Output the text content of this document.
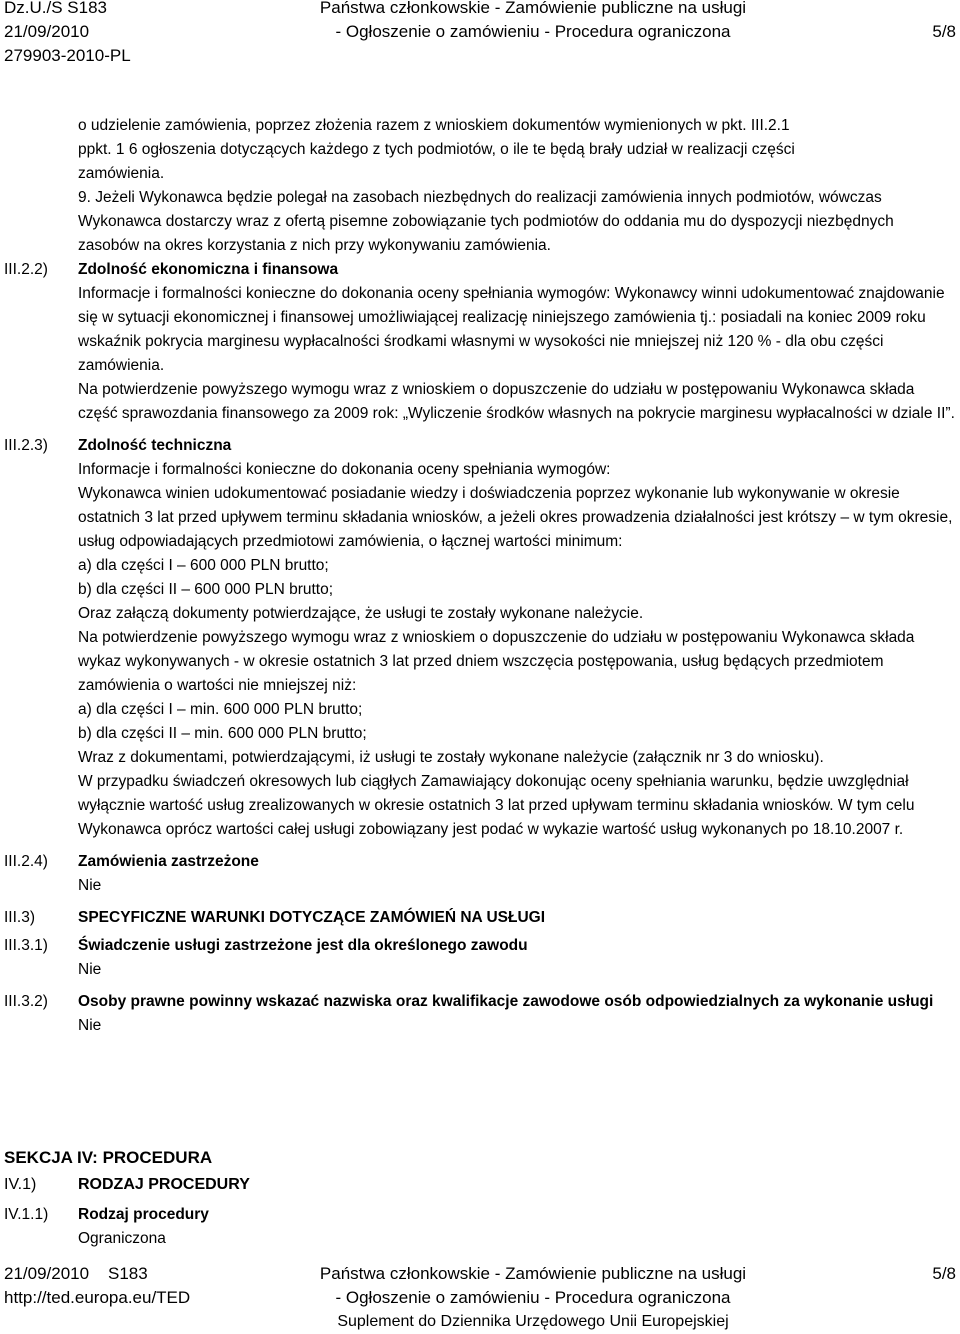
Dz.U./S S183
21/09/2010
279903-2010-PL
Państwa członkowskie - Zamówienie publiczne na usługi
- Ogłoszenie o zamówieniu - Procedura ograniczona	5/8

o udzielenie zamówienia, poprzez złożenia razem z wnioskiem dokumentów wymienionych w pkt. III.2.1

ppkt. 1 6 ogłoszenia dotyczących każdego z tych podmiotów, o ile te będą brały udział w realizacji części

zamówienia.

9. Jeżeli Wykonawca będzie polegał na zasobach niezbędnych do realizacji zamówienia innych podmiotów, wówczas Wykonawca dostarczy wraz z ofertą pisemne zobowiązanie tych podmiotów do oddania mu do dyspozycji niezbędnych zasobów na okres korzystania z nich przy wykonywaniu zamówienia.

III.2.2) Zdolność ekonomiczna i finansowa

Informacje i formalności konieczne do dokonania oceny spełniania wymogów: Wykonawcy winni udokumentować znajdowanie się w sytuacji ekonomicznej i finansowej umożliwiającej realizację niniejszego zamówienia tj.: posiadali na koniec 2009 roku wskaźnik pokrycia marginesu wypłacalności środkami własnymi w wysokości nie mniejszej niż 120 % - dla obu części zamówienia.

Na potwierdzenie powyższego wymogu wraz z wnioskiem o dopuszczenie do udziału w postępowaniu Wykonawca składa część sprawozdania finansowego za 2009 rok: „Wyliczenie środków własnych na pokrycie marginesu wypłacalności w dziale II”.

III.2.3) Zdolność techniczna

Informacje i formalności konieczne do dokonania oceny spełniania wymogów:

Wykonawca winien udokumentować posiadanie wiedzy i doświadczenia poprzez wykonanie lub wykonywanie w okresie ostatnich 3 lat przed upływem terminu składania wniosków, a jeżeli okres prowadzenia działalności jest krótszy – w tym okresie, usług odpowiadających przedmiotowi zamówienia, o łącznej wartości minimum:

a) dla części I – 600 000 PLN brutto;

b) dla części II – 600 000 PLN brutto;

Oraz załączą dokumenty potwierdzające, że usługi te zostały wykonane należycie.

Na potwierdzenie powyższego wymogu wraz z wnioskiem o dopuszczenie do udziału w postępowaniu Wykonawca składa wykaz wykonywanych - w okresie ostatnich 3 lat przed dniem wszczęcia postępowania, usług będących przedmiotem zamówienia o wartości nie mniejszej niż:

a) dla części I – min. 600 000 PLN brutto;

b) dla części II – min. 600 000 PLN brutto;

Wraz z dokumentami, potwierdzającymi, iż usługi te zostały wykonane należycie (załącznik nr 3 do wniosku).

W przypadku świadczeń okresowych lub ciągłych Zamawiający dokonując oceny spełniania warunku, będzie uwzględniał wyłącznie wartość usług zrealizowanych w okresie ostatnich 3 lat przed upływam terminu składania wniosków. W tym celu Wykonawca oprócz wartości całej usługi zobowiązany jest podać w wykazie wartość usług wykonanych po 18.10.2007 r.

III.2.4) Zamówienia zastrzeżone

Nie

III.3)	SPECYFICZNE WARUNKI DOTYCZĄCE ZAMÓWIEŃ NA USŁUGI

III.3.1) Świadczenie usługi zastrzeżone jest dla określonego zawodu

Nie

III.3.2) Osoby prawne powinny wskazać nazwiska oraz kwalifikacje zawodowe osób odpowiedzialnych za wykonanie usługi

Nie

SEKCJA IV: PROCEDURA
IV.1)	RODZAJ PROCEDURY

IV.1.1) Rodzaj procedury

Ograniczona

21/09/2010 S183
http://ted.europa.eu/TED
Państwa członkowskie - Zamówienie publiczne na usługi
- Ogłoszenie o zamówieniu - Procedura ograniczona
Suplement do Dziennika Urzędowego Unii Europejskiej
5/8
